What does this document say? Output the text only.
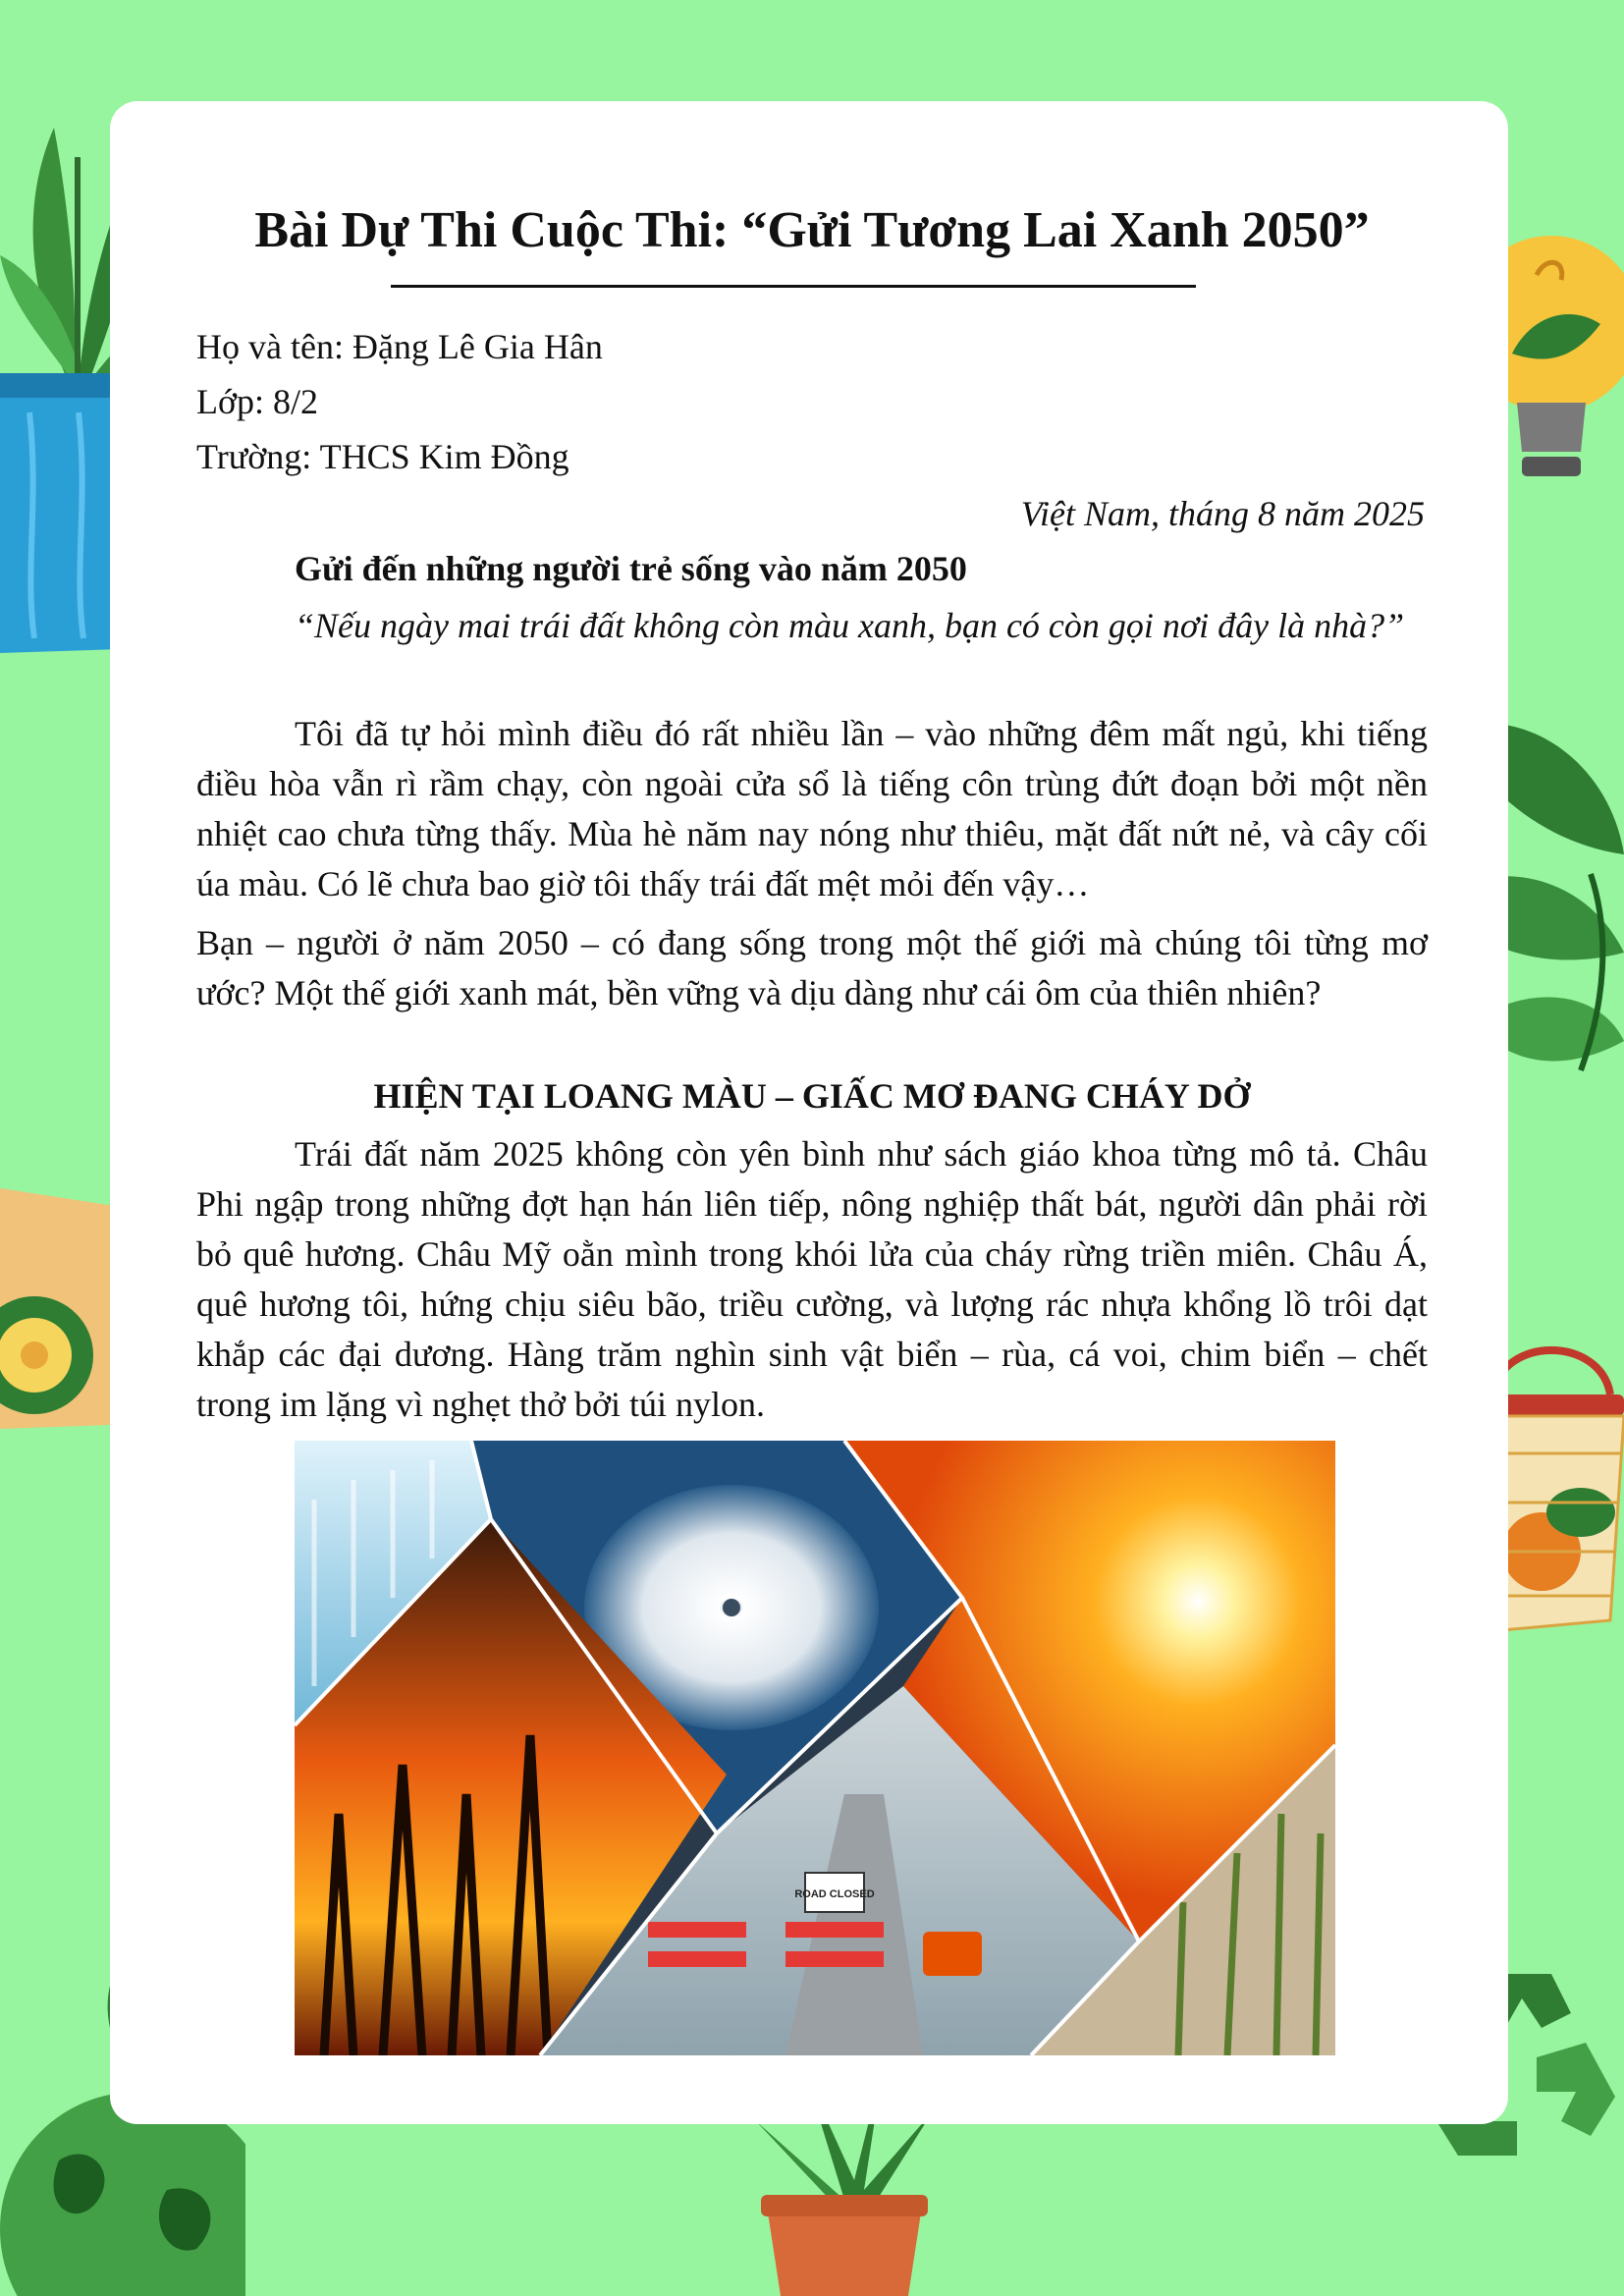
Bài Dự Thi Cuộc Thi: “Gửi Tương Lai Xanh 2050”
Họ và tên: Đặng Lê Gia Hân
Lớp: 8/2
Trường: THCS Kim Đồng
Việt Nam, tháng 8 năm 2025
Gửi đến những người trẻ sống vào năm 2050

“Nếu ngày mai trái đất không còn màu xanh, bạn có còn gọi nơi đây là nhà?”

Tôi đã tự hỏi mình điều đó rất nhiều lần – vào những đêm mất ngủ, khi tiếng điều hòa vẫn rì rầm chạy, còn ngoài cửa sổ là tiếng côn trùng đứt đoạn bởi một nền nhiệt cao chưa từng thấy. Mùa hè năm nay nóng như thiêu, mặt đất nứt nẻ, và cây cối úa màu. Có lẽ chưa bao giờ tôi thấy trái đất mệt mỏi đến vậy…

Bạn – người ở năm 2050 – có đang sống trong một thế giới mà chúng tôi từng mơ ước? Một thế giới xanh mát, bền vững và dịu dàng như cái ôm của thiên nhiên?

HIỆN TẠI LOANG MÀU – GIẤC MƠ ĐANG CHÁY DỞ

Trái đất năm 2025 không còn yên bình như sách giáo khoa từng mô tả. Châu Phi ngập trong những đợt hạn hán liên tiếp, nông nghiệp thất bát, người dân phải rời bỏ quê hương. Châu Mỹ oằn mình trong khói lửa của cháy rừng triền miên. Châu Á, quê hương tôi, hứng chịu siêu bão, triều cường, và lượng rác nhựa khổng lồ trôi dạt khắp các đại dương. Hàng trăm nghìn sinh vật biển – rùa, cá voi, chim biển – chết trong im lặng vì nghẹt thở bởi túi nylon.

ROAD CLOSED
